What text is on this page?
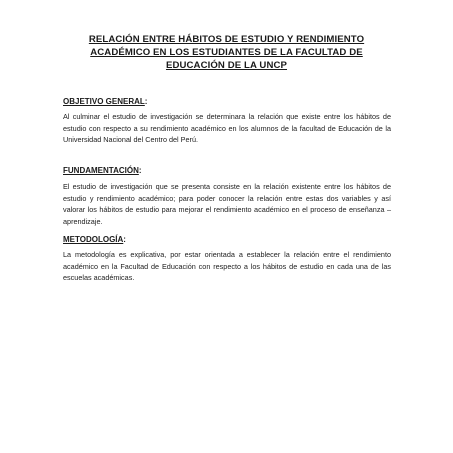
RELACIÓN ENTRE HÁBITOS DE ESTUDIO Y RENDIMIENTO ACADÉMICO EN LOS ESTUDIANTES DE LA FACULTAD DE EDUCACIÓN DE LA UNCP
OBJETIVO GENERAL:

Al culminar el estudio de investigación se determinara la relación que existe entre los hábitos de estudio con respecto a su rendimiento académico en los alumnos de la facultad de Educación de la Universidad Nacional del Centro del Perú.

FUNDAMENTACIÓN:

El estudio de investigación que se presenta consiste en la relación existente entre los hábitos de estudio y rendimiento académico; para poder conocer la relación entre estas dos variables y así valorar los hábitos de estudio para mejorar el rendimiento académico en el proceso de enseñanza – aprendizaje.

METODOLOGÍA:

La metodología es explicativa, por estar orientada a establecer la relación entre el rendimiento académico en la Facultad de Educación con respecto a los hábitos de estudio en cada una de las escuelas académicas.
